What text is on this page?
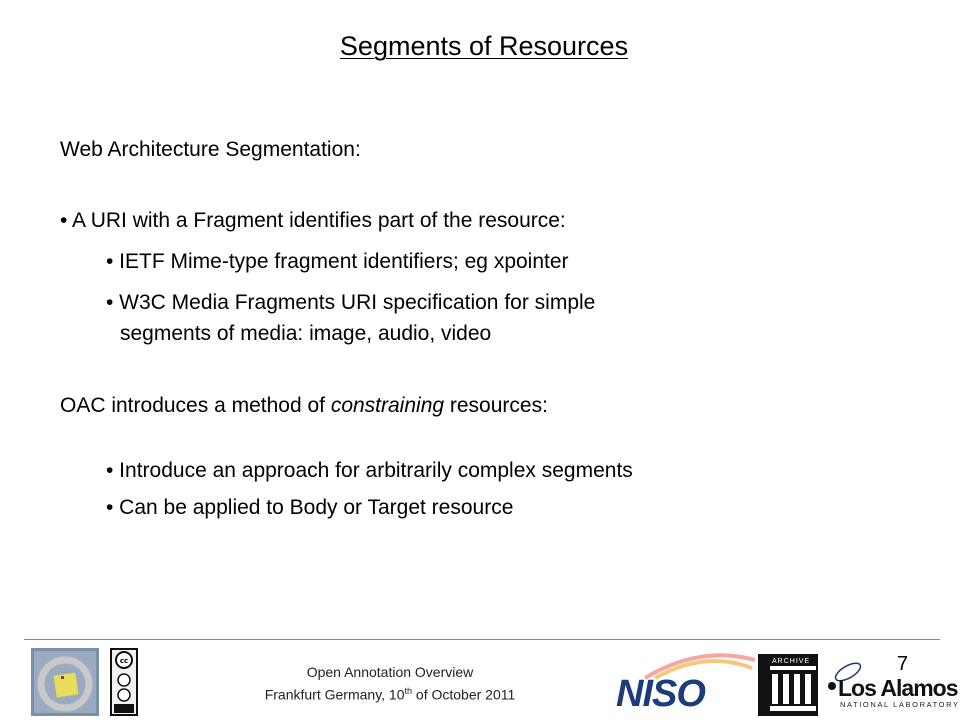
Segments of Resources
Web Architecture Segmentation:
• A URI with a Fragment identifies part of the resource:
• IETF Mime-type fragment identifiers; eg xpointer
• W3C Media Fragments URI specification for simple
segments of media: image, audio, video
OAC introduces a method of constraining resources:
• Introduce an approach for arbitrarily complex segments
• Can be applied to Body or Target resource
cc
Open Annotation Overview
Frankfurt Germany, 10th of October 2011	NISO
ARCHIVE	7
Los Alamos
NATIONAL LABORATORY
